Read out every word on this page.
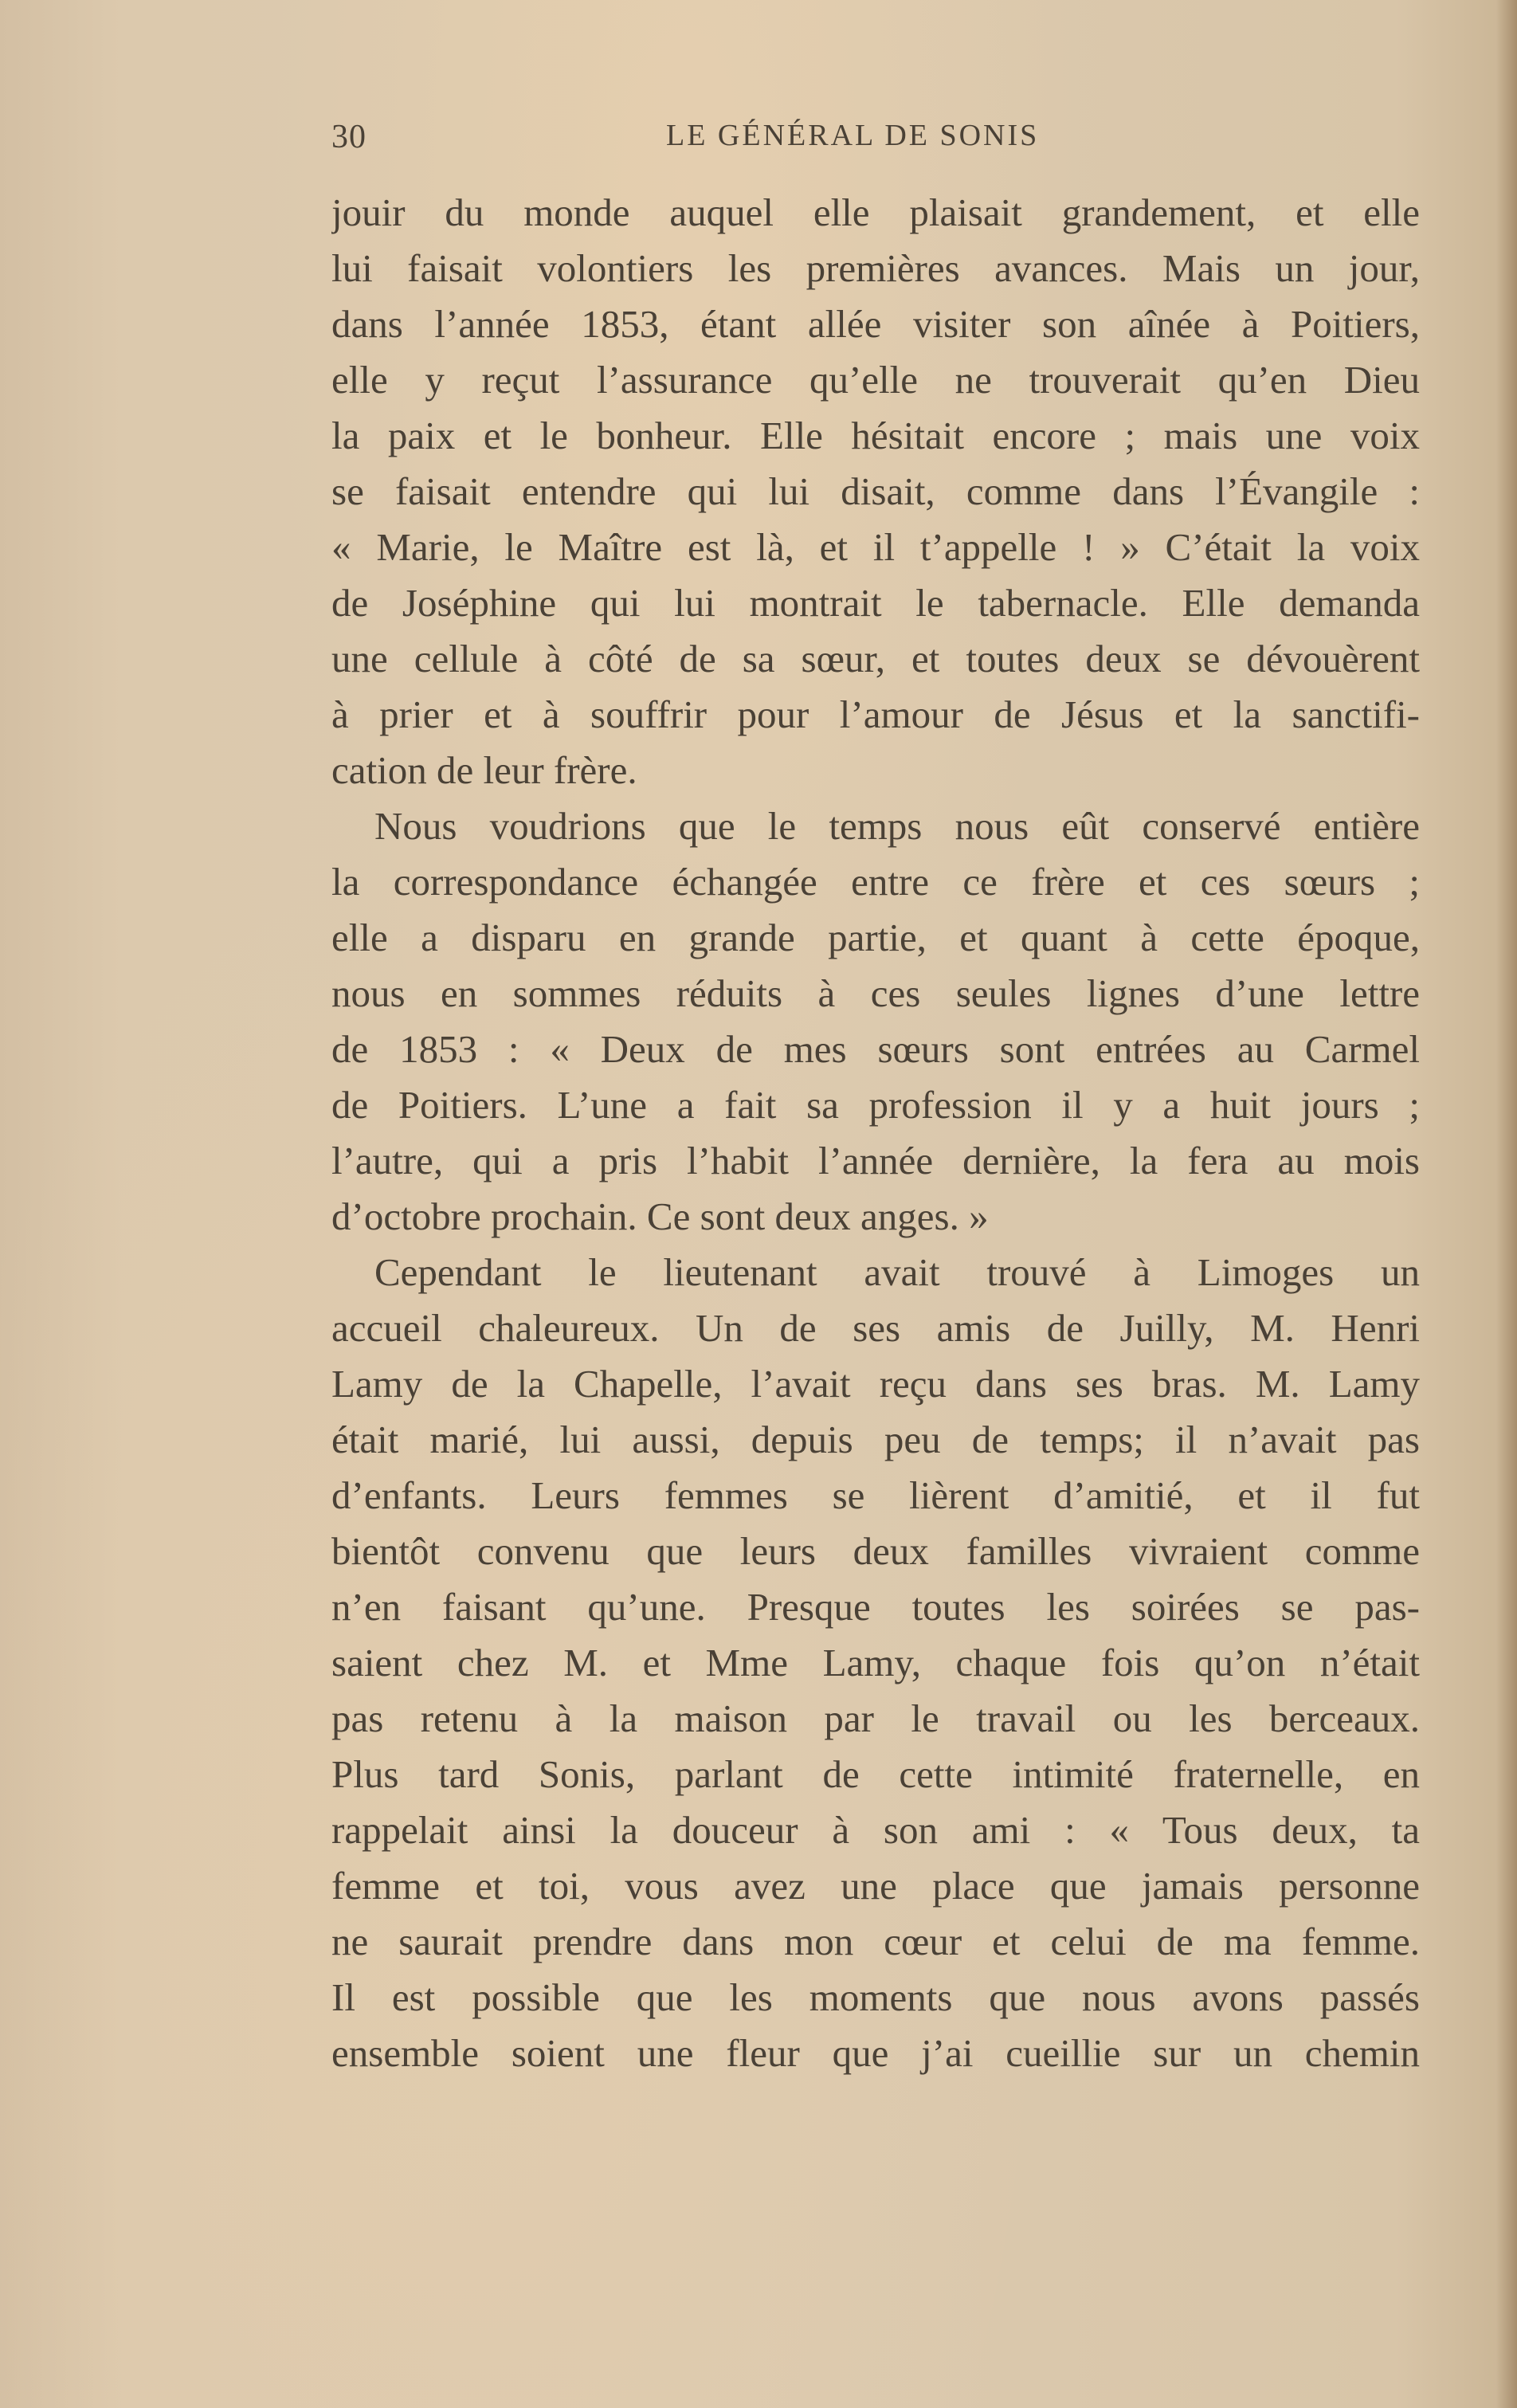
30	LE GÉNÉRAL DE SONIS
jouir du monde auquel elle plaisait grandement, et elle
lui faisait volontiers les premières avances. Mais un jour,
dans l’année 1853, étant allée visiter son aînée à Poitiers,
elle y reçut l’assurance qu’elle ne trouverait qu’en Dieu
la paix et le bonheur. Elle hésitait encore ; mais une voix
se faisait entendre qui lui disait, comme dans l’Évangile :
« Marie, le Maître est là, et il t’appelle ! » C’était la voix
de Joséphine qui lui montrait le tabernacle. Elle demanda
une cellule à côté de sa sœur, et toutes deux se dévouèrent
à prier et à souffrir pour l’amour de Jésus et la sanctifi-
cation de leur frère.
Nous voudrions que le temps nous eût conservé entière
la correspondance échangée entre ce frère et ces sœurs ;
elle a disparu en grande partie, et quant à cette époque,
nous en sommes réduits à ces seules lignes d’une lettre
de 1853 : « Deux de mes sœurs sont entrées au Carmel
de Poitiers. L’une a fait sa profession il y a huit jours ;
l’autre, qui a pris l’habit l’année dernière, la fera au mois
d’octobre prochain. Ce sont deux anges. »
Cependant le lieutenant avait trouvé à Limoges un
accueil chaleureux. Un de ses amis de Juilly, M. Henri
Lamy de la Chapelle, l’avait reçu dans ses bras. M. Lamy
était marié, lui aussi, depuis peu de temps; il n’avait pas
d’enfants. Leurs femmes se lièrent d’amitié, et il fut
bientôt convenu que leurs deux familles vivraient comme
n’en faisant qu’une. Presque toutes les soirées se pas-
saient chez M. et Mme Lamy, chaque fois qu’on n’était
pas retenu à la maison par le travail ou les berceaux.
Plus tard Sonis, parlant de cette intimité fraternelle, en
rappelait ainsi la douceur à son ami : « Tous deux, ta
femme et toi, vous avez une place que jamais personne
ne saurait prendre dans mon cœur et celui de ma femme.
Il est possible que les moments que nous avons passés
ensemble soient une fleur que j’ai cueillie sur un chemin
